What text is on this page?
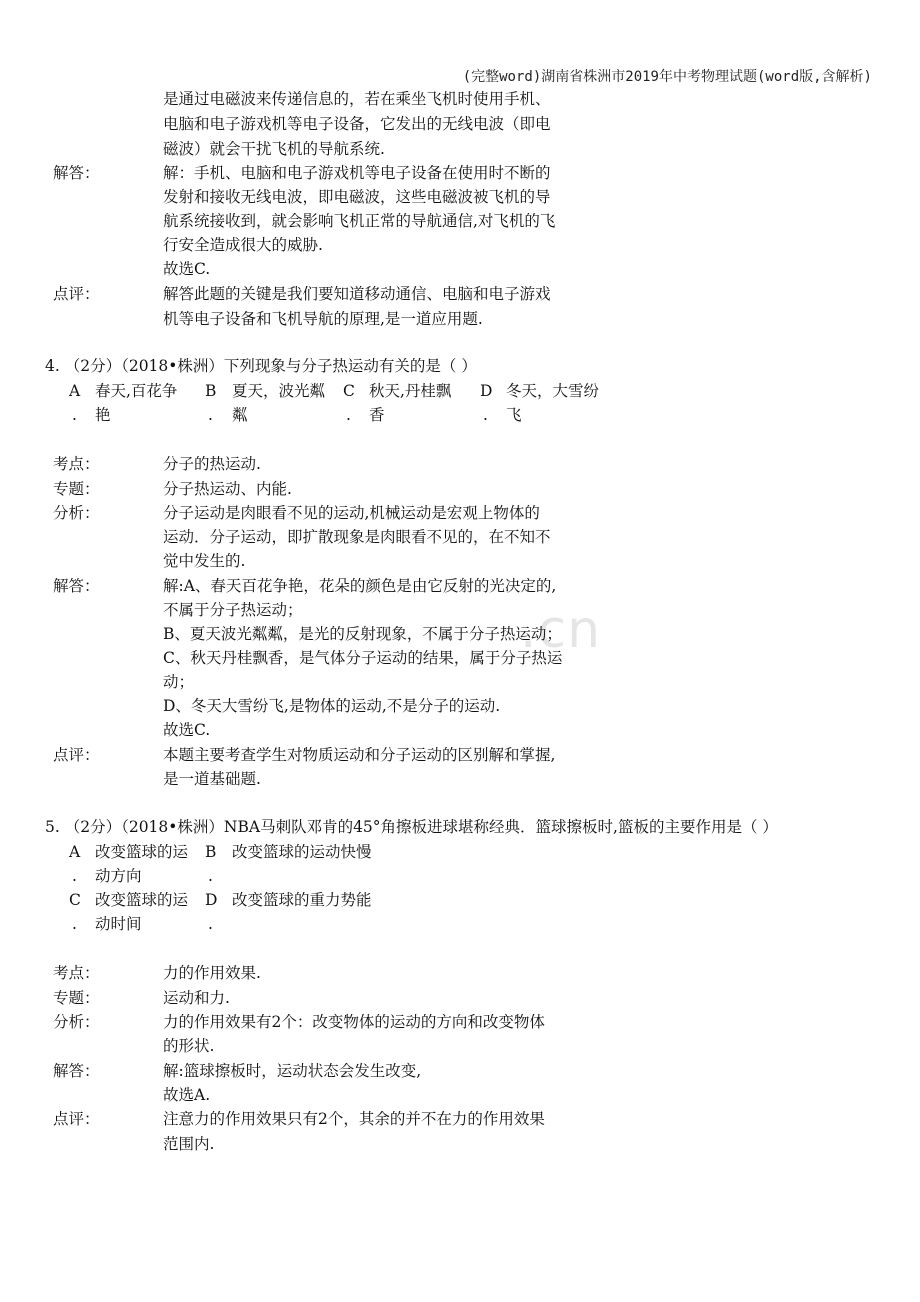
(完整word)湖南省株洲市2019年中考物理试题(word版,含解析)
.cn
是通过电磁波来传递信息的，若在乘坐飞机时使用手机、
电脑和电子游戏机等电子设备，它发出的无线电波（即电
磁波）就会干扰飞机的导航系统.
解答：	解：手机、电脑和电子游戏机等电子设备在使用时不断的
发射和接收无线电波，即电磁波，这些电磁波被飞机的导
航系统接收到，就会影响飞机正常的导航通信,对飞机的飞
行安全造成很大的威胁.
故选C.
点评：	解答此题的关键是我们要知道移动通信、电脑和电子游戏
机等电子设备和飞机导航的原理,是一道应用题.
4. （2分）（2018•株洲）下列现象与分子热运动有关的是（ ）
A 春天,百花争
. 艳
B 夏天，波光粼
. 粼
C 秋天,丹桂飘
. 香
D 冬天，大雪纷
. 飞
考点：	分子的热运动.
专题：	分子热运动、内能.
分析：	分子运动是肉眼看不见的运动,机械运动是宏观上物体的
运动．分子运动，即扩散现象是肉眼看不见的，在不知不
觉中发生的.
解答：	解:A、春天百花争艳，花朵的颜色是由它反射的光决定的,
不属于分子热运动；
B、夏天波光粼粼，是光的反射现象，不属于分子热运动；
C、秋天丹桂飘香，是气体分子运动的结果，属于分子热运
动；
D、冬天大雪纷飞,是物体的运动,不是分子的运动.
故选C.
点评：	本题主要考查学生对物质运动和分子运动的区别解和掌握,
是一道基础题.
5. （2分）（2018•株洲）NBA马刺队邓肯的45°角擦板进球堪称经典．篮球擦板时,篮板的主要作用是（ ）
A 改变篮球的运
. 动方向
B 改变篮球的运动快慢
.
C 改变篮球的运
. 动时间
D 改变篮球的重力势能
.
考点：	力的作用效果.
专题：	运动和力.
分析：	力的作用效果有2个：改变物体的运动的方向和改变物体
的形状.
解答：	解:篮球擦板时，运动状态会发生改变,
故选A.
点评：	注意力的作用效果只有2个，其余的并不在力的作用效果
范围内.
